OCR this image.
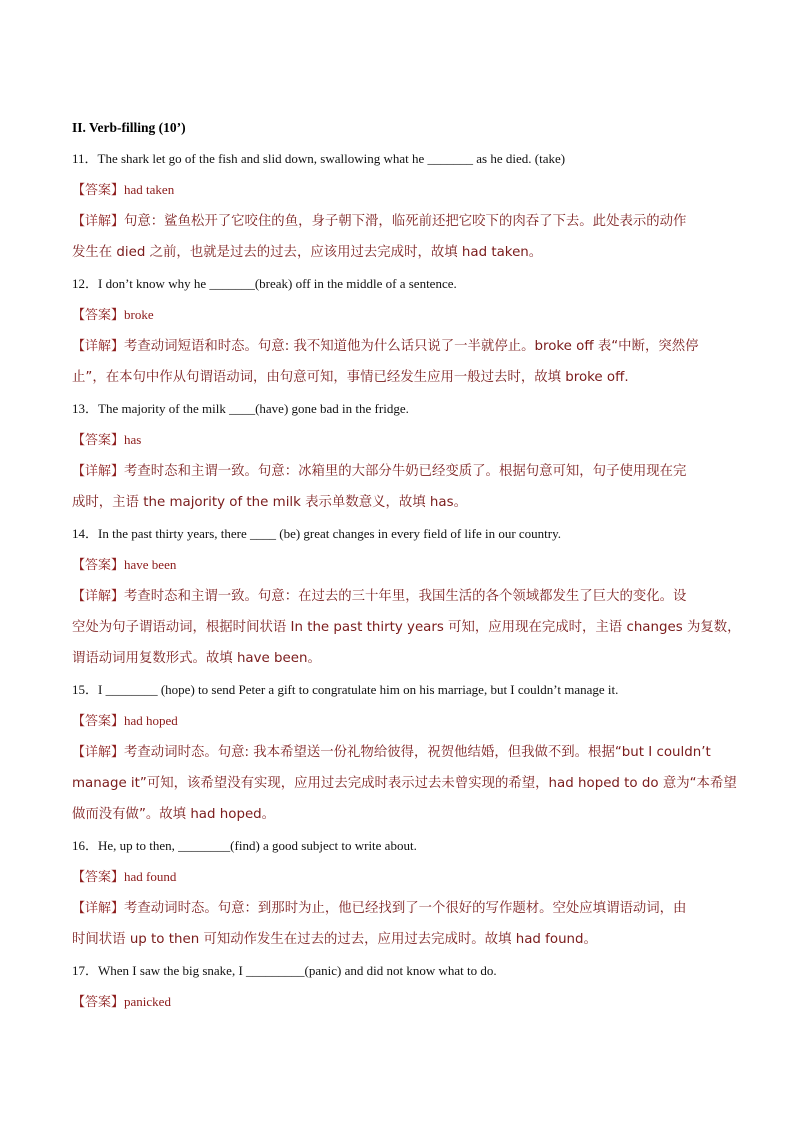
II. Verb-filling (10’)
11．The shark let go of the fish and slid down, swallowing what he _______ as he died. (take)
【答案】had taken
【详解】句意：鲨鱼松开了它咬住的鱼，身子朝下滑，临死前还把它咬下的肉吞了下去。此处表示的动作
发生在 died 之前，也就是过去的过去，应该用过去完成时，故填 had taken。
12．I don’t know why he _______(break) off in the middle of a sentence.
【答案】broke
【详解】考查动词短语和时态。句意: 我不知道他为什么话只说了一半就停止。broke off 表“中断，突然停
止”，在本句中作从句谓语动词，由句意可知，事情已经发生应用一般过去时，故填 broke off.
13．The majority of the milk ____(have) gone bad in the fridge.
【答案】has
【详解】考查时态和主谓一致。句意：冰箱里的大部分牛奶已经变质了。根据句意可知，句子使用现在完
成时，主语 the majority of the milk 表示单数意义，故填 has。
14．In the past thirty years, there ____ (be) great changes in every field of life in our country.
【答案】have been
【详解】考查时态和主谓一致。句意：在过去的三十年里，我国生活的各个领域都发生了巨大的变化。设
空处为句子谓语动词，根据时间状语 In the past thirty years 可知，应用现在完成时，主语 changes 为复数，
谓语动词用复数形式。故填 have been。
15．I ________ (hope) to send Peter a gift to congratulate him on his marriage, but I couldn’t manage it.
【答案】had hoped
【详解】考查动词时态。句意: 我本希望送一份礼物给彼得，祝贺他结婚，但我做不到。根据“but I couldn’t
manage it”可知，该希望没有实现，应用过去完成时表示过去未曾实现的希望，had hoped to do 意为“本希望
做而没有做”。故填 had hoped。
16．He, up to then, ________(find) a good subject to write about.
【答案】had found
【详解】考查动词时态。句意：到那时为止，他已经找到了一个很好的写作题材。空处应填谓语动词，由
时间状语 up to then 可知动作发生在过去的过去，应用过去完成时。故填 had found。
17．When I saw the big snake, I _________(panic) and did not know what to do.
【答案】panicked
